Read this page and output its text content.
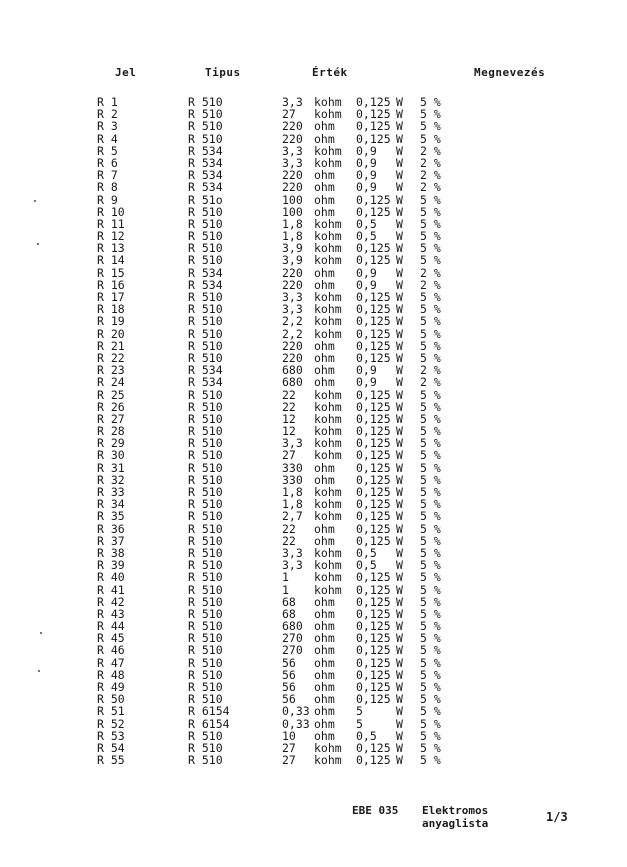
Jel	Tipus	Érték	Megnevezés
R 1	R 510	3,3 kohm 0,125 W 5 %
R 2	R 510	27 kohm 0,125 W 5 %
R 3	R 510	220 ohm 0,125 W 5 %
R 4	R 510	220 ohm 0,125 W 5 %
R 5	R 534	3,3 kohm 0,9 W 2 %
R 6	R 534	3,3 kohm 0,9 W 2 %
R 7	R 534	220 ohm 0,9 W 2 %
R 8	R 534	220 ohm 0,9 W 2 %
R 9	R 51o	100 ohm 0,125 W 5 %
R 10	R 510	100 ohm 0,125 W 5 %
R 11	R 510	1,8 kohm 0,5 W 5 %
R 12	R 510	1,8 kohm 0,5 W 5 %
R 13	R 510	3,9 kohm 0,125 W 5 %
R 14	R 510	3,9 kohm 0,125 W 5 %
R 15	R 534	220 ohm 0,9 W 2 %
R 16	R 534	220 ohm 0,9 W 2 %
R 17	R 510	3,3 kohm 0,125 W 5 %
R 18	R 510	3,3 kohm 0,125 W 5 %
R 19	R 510	2,2 kohm 0,125 W 5 %
R 20	R 510	2,2 kohm 0,125 W 5 %
R 21	R 510	220 ohm 0,125 W 5 %
R 22	R 510	220 ohm 0,125 W 5 %
R 23	R 534	680 ohm 0,9 W 2 %
R 24	R 534	680 ohm 0,9 W 2 %
R 25	R 510	22 kohm 0,125 W 5 %
R 26	R 510	22 kohm 0,125 W 5 %
R 27	R 510	12 kohm 0,125 W 5 %
R 28	R 510	12 kohm 0,125 W 5 %
R 29	R 510	3,3 kohm 0,125 W 5 %
R 30	R 510	27 kohm 0,125 W 5 %
R 31	R 510	330 ohm 0,125 W 5 %
R 32	R 510	330 ohm 0,125 W 5 %
R 33	R 510	1,8 kohm 0,125 W 5 %
R 34	R 510	1,8 kohm 0,125 W 5 %
R 35	R 510	2,7 kohm 0,125 W 5 %
R 36	R 510	22 ohm 0,125 W 5 %
R 37	R 510	22 ohm 0,125 W 5 %
R 38	R 510	3,3 kohm 0,5 W 5 %
R 39	R 510	3,3 kohm 0,5 W 5 %
R 40	R 510	1 kohm 0,125 W 5 %
R 41	R 510	1 kohm 0,125 W 5 %
R 42	R 510	68 ohm 0,125 W 5 %
R 43	R 510	68 ohm 0,125 W 5 %
R 44	R 510	680 ohm 0,125 W 5 %
R 45	R 510	270 ohm 0,125 W 5 %
R 46	R 510	270 ohm 0,125 W 5 %
R 47	R 510	56 ohm 0,125 W 5 %
R 48	R 510	56 ohm 0,125 W 5 %
R 49	R 510	56 ohm 0,125 W 5 %
R 50	R 510	56 ohm 0,125 W 5 %
R 51	R 6154	0,33 ohm 5	W 5 %
R 52	R 6154	0,33 ohm 5	W 5 %
R 53	R 510	10 ohm 0,5 W 5 %
R 54	R 510	27 kohm 0,125 W 5 %
R 55	R 510	27 kohm 0,125 W 5 %
EBE 035 Elektromos
anyaglista	1/3
